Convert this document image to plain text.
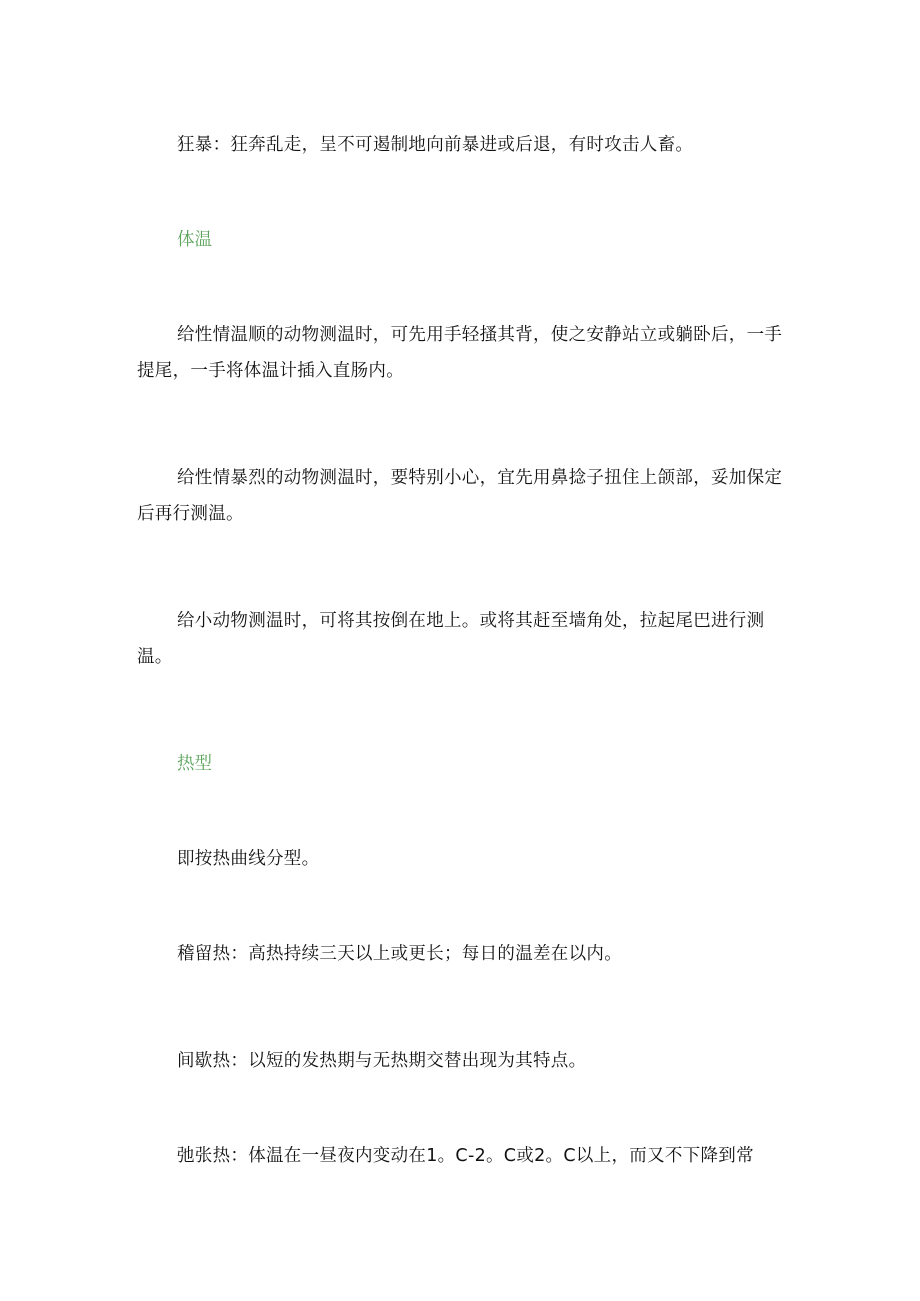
狂暴：狂奔乱走，呈不可遏制地向前暴进或后退，有时攻击人畜。

体温

给性情温顺的动物测温时，可先用手轻搔其背，使之安静站立或躺卧后，一手提尾，一手将体温计插入直肠内。

给性情暴烈的动物测温时，要特别小心，宜先用鼻捻子扭住上颌部，妥加保定后再行测温。

给小动物测温时，可将其按倒在地上。或将其赶至墙角处，拉起尾巴进行测温。

热型

即按热曲线分型。

稽留热：高热持续三天以上或更长；每日的温差在以内。

间歇热：以短的发热期与无热期交替出现为其特点。

弛张热：体温在一昼夜内变动在1。C-2。C或2。C以上，而又不下降到常
